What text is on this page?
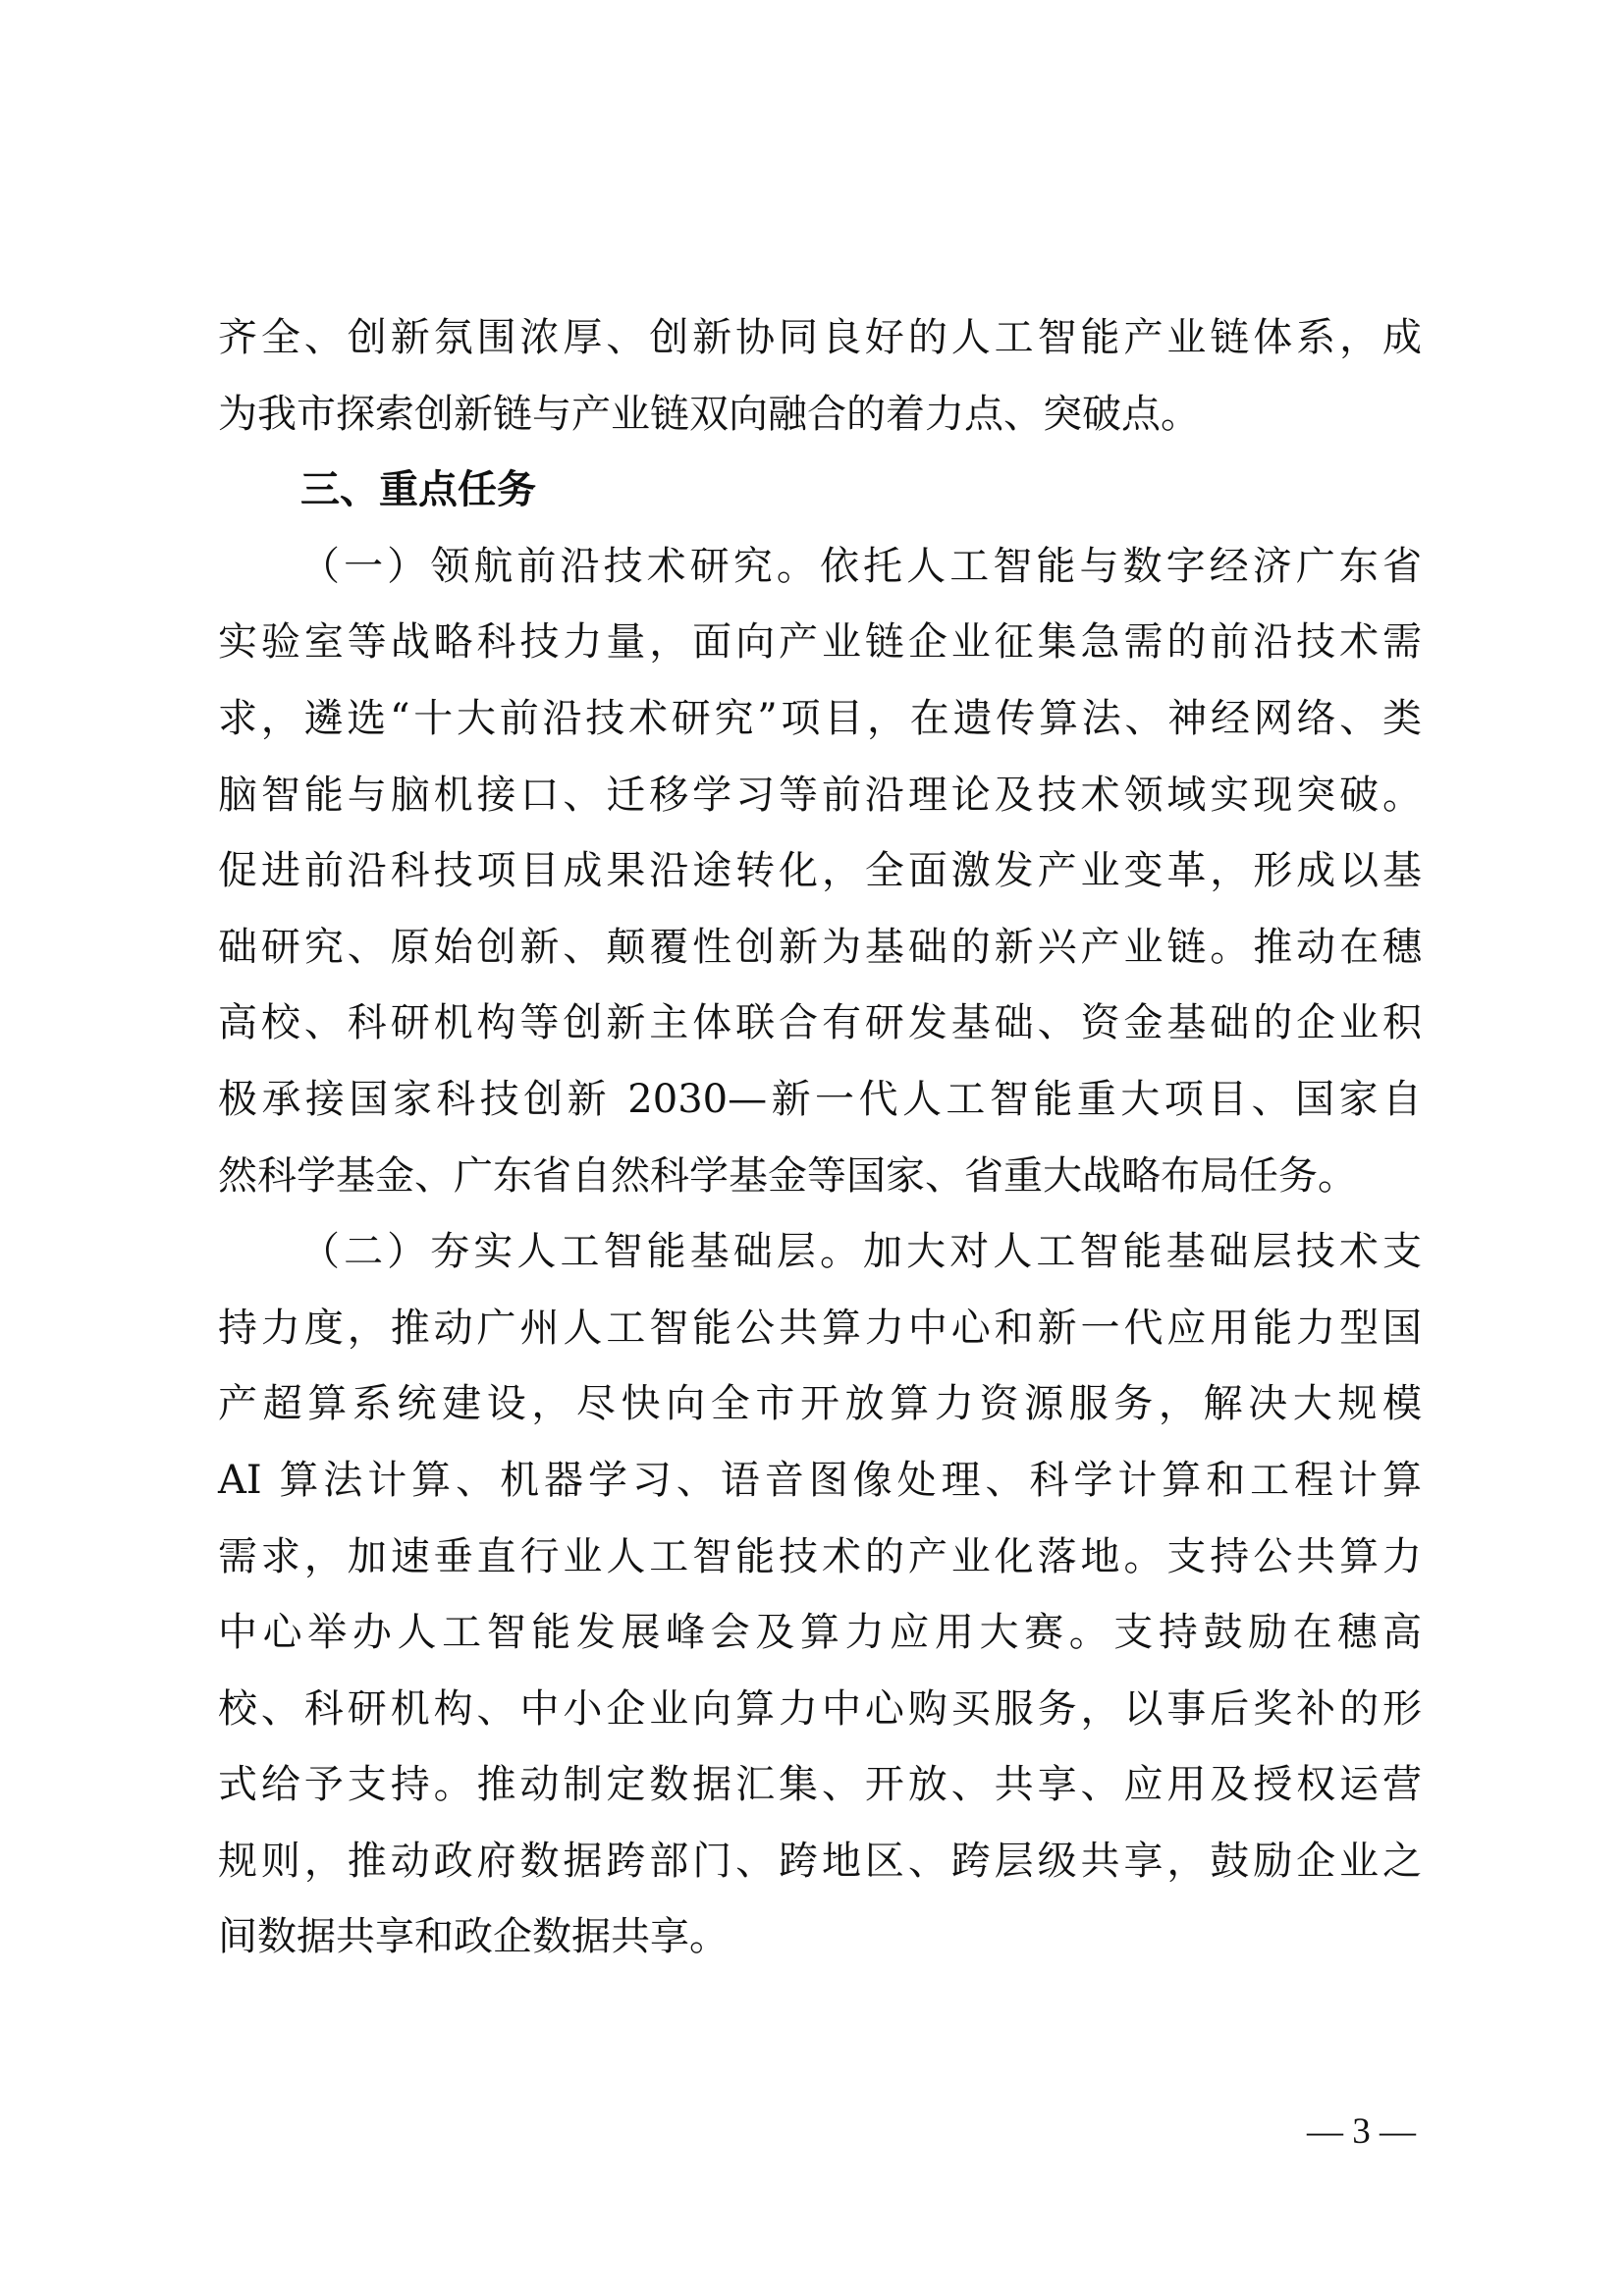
齐全、创新氛围浓厚、创新协同良好的人工智能产业链体系，成
为我市探索创新链与产业链双向融合的着力点、突破点。
三、重点任务
（一）领航前沿技术研究。依托人工智能与数字经济广东省
实验室等战略科技力量，面向产业链企业征集急需的前沿技术需
求，遴选“十大前沿技术研究”项目，在遗传算法、神经网络、类
脑智能与脑机接口、迁移学习等前沿理论及技术领域实现突破。
促进前沿科技项目成果沿途转化，全面激发产业变革，形成以基
础研究、原始创新、颠覆性创新为基础的新兴产业链。推动在穗
高校、科研机构等创新主体联合有研发基础、资金基础的企业积
极承接国家科技创新 2030—新一代人工智能重大项目、国家自
然科学基金、广东省自然科学基金等国家、省重大战略布局任务。
（二）夯实人工智能基础层。加大对人工智能基础层技术支
持力度，推动广州人工智能公共算力中心和新一代应用能力型国
产超算系统建设，尽快向全市开放算力资源服务，解决大规模
AI 算法计算、机器学习、语音图像处理、科学计算和工程计算
需求，加速垂直行业人工智能技术的产业化落地。支持公共算力
中心举办人工智能发展峰会及算力应用大赛。支持鼓励在穗高
校、科研机构、中小企业向算力中心购买服务，以事后奖补的形
式给予支持。推动制定数据汇集、开放、共享、应用及授权运营
规则，推动政府数据跨部门、跨地区、跨层级共享，鼓励企业之
间数据共享和政企数据共享。
— 3 —
